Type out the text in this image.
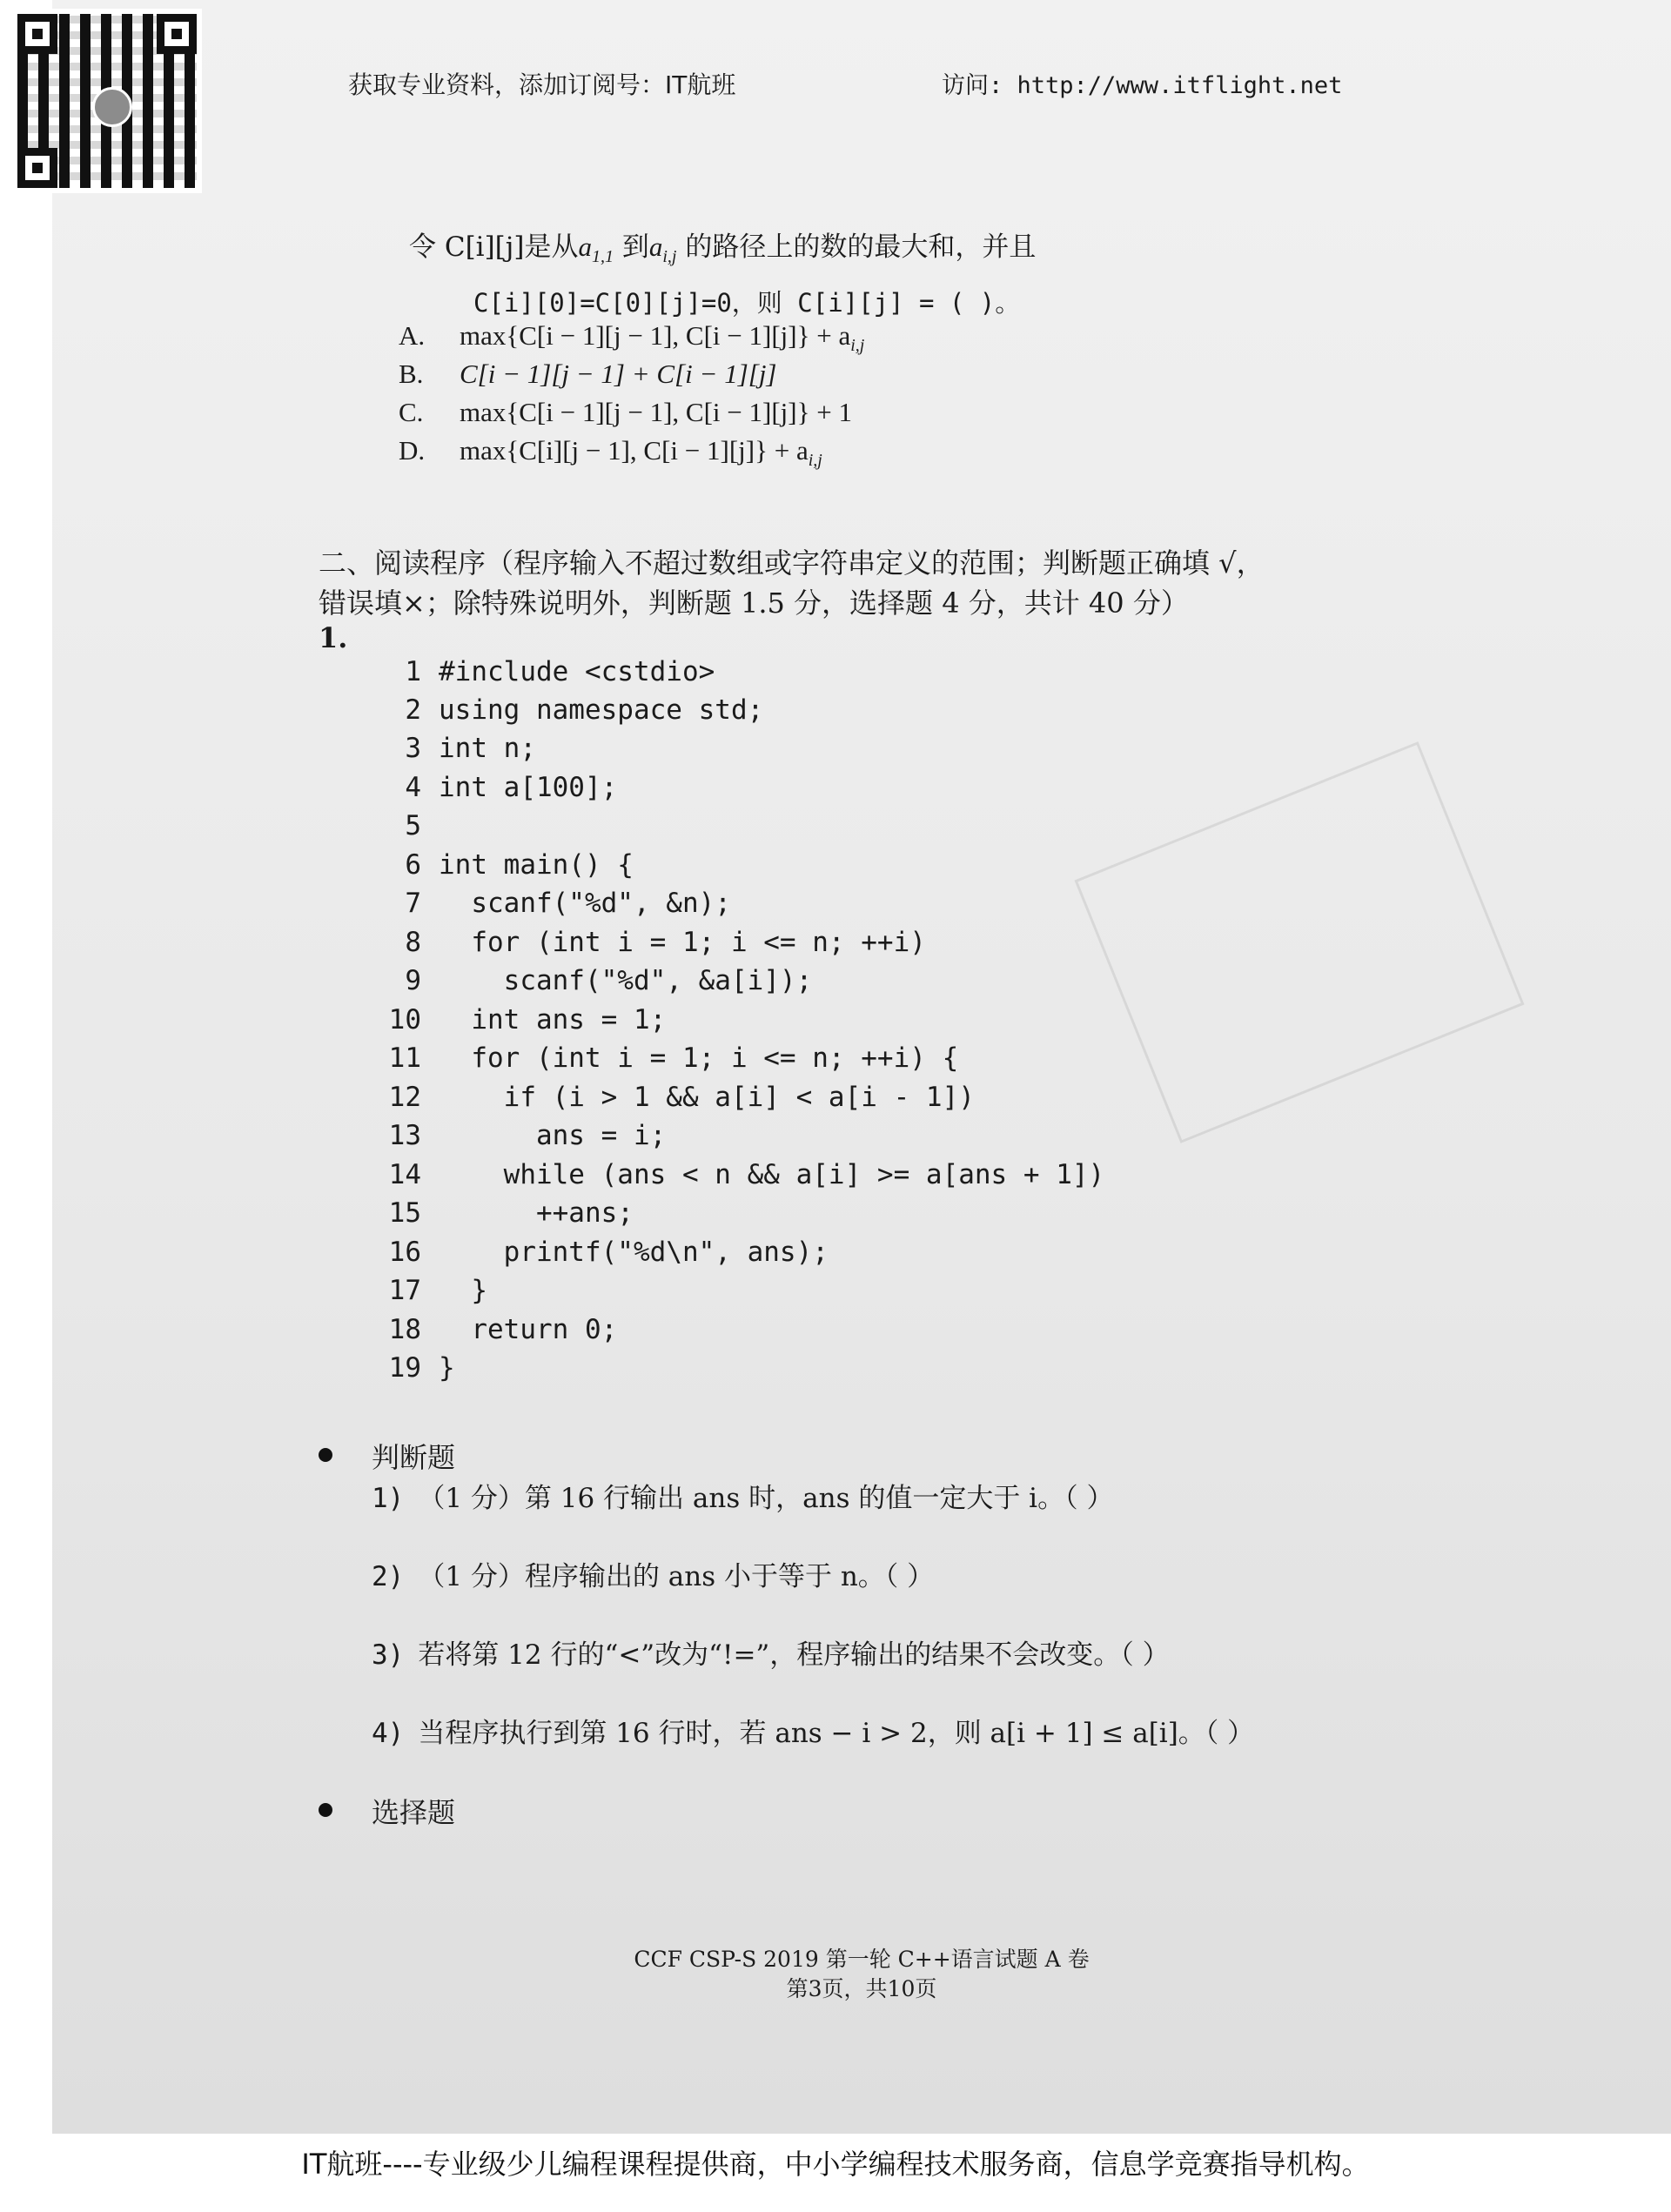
获取专业资料，添加订阅号：IT航班	访问: http://www.itflight.net
令 C[i][j]是从$a_{1,1}$ 到$a_{i,j}$ 的路径上的数的最大和，并且
C[i][0]=C[0][j]=0，则 C[i][j] = ( )。
A. max{C[i − 1][j − 1], $C[i - 1][j]\} + a_{i,j}$
B. C[i − 1][j − 1] + C[i − 1][j]
C. max{C[i − 1][j − 1], C[i − 1][j]} + 1
D. max{C[i][j − 1], $C[i - 1][j]\} + a_{i,j}$
二、阅读程序（程序输入不超过数组或字符串定义的范围；判断题正确填 √，
错误填×；除特殊说明外，判断题 1.5 分，选择题 4 分，共计 40 分）
1.
1 #include <cstdio>
2 using namespace std;
3 int n;
4 int a[100];
5
6 int main() {
7  scanf("%d", &n);
8  for (int i = 1; i <= n; ++i)
9    scanf("%d", &a[i]);
10  int ans = 1;
11  for (int i = 1; i <= n; ++i) {
12    if (i > 1 && a[i] < a[i - 1])
13      ans = i;
14    while (ans < n && a[i] >= a[ans + 1])
15      ++ans;
16    printf("%d\n", ans);
17  }
18  return 0;
19 }
判断题
1) （1 分）第 16 行输出 ans 时，ans 的值一定大于 i。（ ）
2) （1 分）程序输出的 ans 小于等于 n。（ ）
3) 若将第 12 行的“<”改为“!=”，程序输出的结果不会改变。（ ）
4) 当程序执行到第 16 行时，若 ans − i > 2，则 a[i + 1] ≤ a[i]。（ ）
选择题
CCF CSP-S 2019 第一轮 C++语言试题 A 卷
第3页，共10页
IT航班----专业级少儿编程课程提供商，中小学编程技术服务商，信息学竞赛指导机构。
